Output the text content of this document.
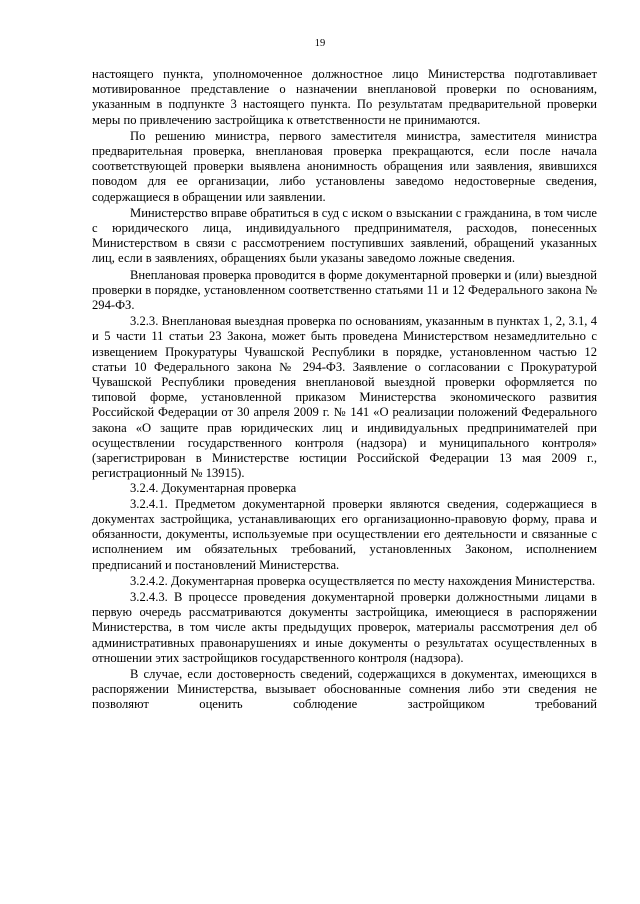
19

настоящего пункта, уполномоченное должностное лицо Министерства подготавливает мотивированное представление о назначении внеплановой проверки по основаниям, указанным в подпункте 3 настоящего пункта. По результатам предварительной проверки меры по привлечению застройщика к ответственности не принимаются.

По решению министра, первого заместителя министра, заместителя министра предварительная проверка, внеплановая проверка прекращаются, если после начала соответствующей проверки выявлена анонимность обращения или заявления, явившихся поводом для ее организации, либо установлены заведомо недостоверные сведения, содержащиеся в обращении или заявлении.

Министерство вправе обратиться в суд с иском о взыскании с гражданина, в том числе с юридического лица, индивидуального предпринимателя, расходов, понесенных Министерством в связи с рассмотрением поступивших заявлений, обращений указанных лиц, если в заявлениях, обращениях были указаны заведомо ложные сведения.

Внеплановая проверка проводится в форме документарной проверки и (или) выездной проверки в порядке, установленном соответственно статьями 11 и 12 Федерального закона № 294-ФЗ.

3.2.3. Внеплановая выездная проверка по основаниям, указанным в пунктах 1, 2, 3.1, 4 и 5 части 11 статьи 23 Закона, может быть проведена Министерством незамедлительно с извещением Прокуратуры Чувашской Республики в порядке, установленном частью 12 статьи 10 Федерального закона № 294-ФЗ. Заявление о согласовании с Прокуратурой Чувашской Республики проведения внеплановой выездной проверки оформляется по типовой форме, установленной приказом Министерства экономического развития Российской Федерации от 30 апреля 2009 г. № 141 «О реализации положений Федерального закона «О защите прав юридических лиц и индивидуальных предпринимателей при осуществлении государственного контроля (надзора) и муниципального контроля» (зарегистрирован в Министерстве юстиции Российской Федерации 13 мая 2009 г., регистрационный № 13915).

3.2.4. Документарная проверка

3.2.4.1. Предметом документарной проверки являются сведения, содержащиеся в документах застройщика, устанавливающих его организационно-правовую форму, права и обязанности, документы, используемые при осуществлении его деятельности и связанные с исполнением им обязательных требований, установленных Законом, исполнением предписаний и постановлений Министерства.

3.2.4.2. Документарная проверка осуществляется по месту нахождения Министерства.

3.2.4.3. В процессе проведения документарной проверки должностными лицами в первую очередь рассматриваются документы застройщика, имеющиеся в распоряжении Министерства, в том числе акты предыдущих проверок, материалы рассмотрения дел об административных правонарушениях и иные документы о результатах осуществленных в отношении этих застройщиков государственного контроля (надзора).

В случае, если достоверность сведений, содержащихся в документах, имеющихся в распоряжении Министерства, вызывает обоснованные сомнения либо эти сведения не позволяют оценить соблюдение застройщиком требований
